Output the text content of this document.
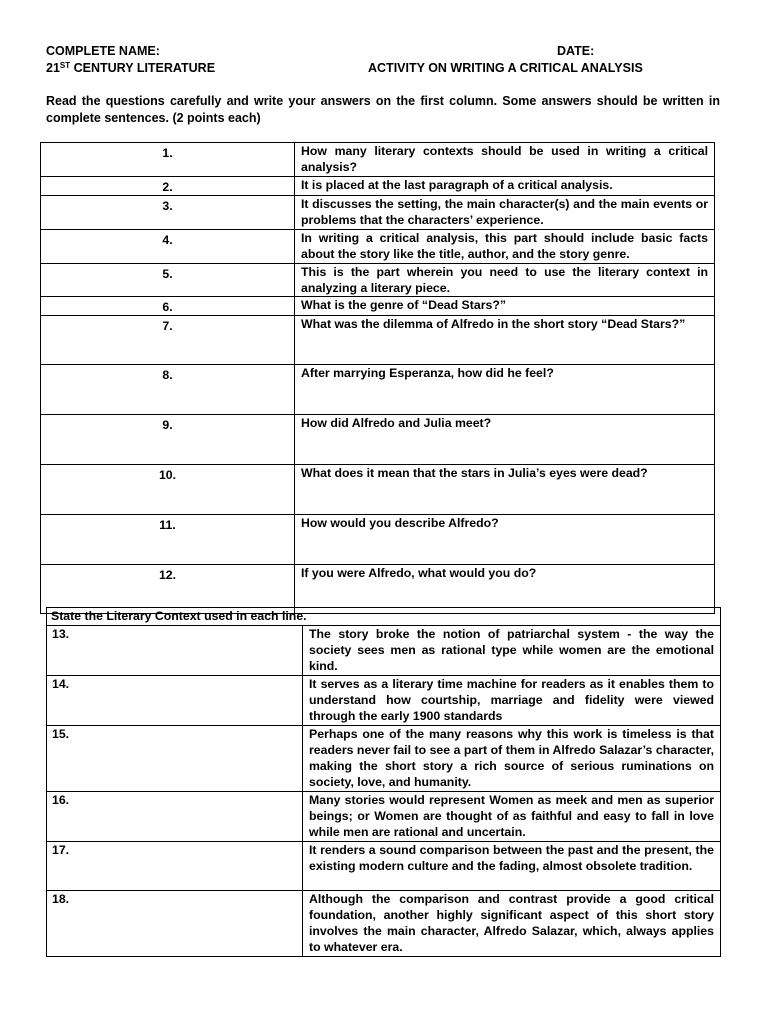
COMPLETE NAME:	DATE:
21ST CENTURY LITERATURE	ACTIVITY ON WRITING A CRITICAL ANALYSIS
Read the questions carefully and write your answers on the first column. Some answers should be written in complete sentences. (2 points each)
1.	How many literary contexts should be used in writing a critical analysis?
2.	It is placed at the last paragraph of a critical analysis.
3.	It discusses the setting, the main character(s) and the main events or problems that the characters’ experience.
4.	In writing a critical analysis, this part should include basic facts about the story like the title, author, and the story genre.
5.	This is the part wherein you need to use the literary context in analyzing a literary piece.
6.	What is the genre of “Dead Stars?”
7.	What was the dilemma of Alfredo in the short story “Dead Stars?”
8.	After marrying Esperanza, how did he feel?
9.	How did Alfredo and Julia meet?
10.	What does it mean that the stars in Julia’s eyes were dead?
11.	How would you describe Alfredo?
12.	If you were Alfredo, what would you do?
State the Literary Context used in each line.	
13.	The story broke the notion of patriarchal system - the way the society sees men as rational type while women are the emotional kind.
14.	It serves as a literary time machine for readers as it enables them to understand how courtship, marriage and fidelity were viewed through the early 1900 standards
15.	Perhaps one of the many reasons why this work is timeless is that readers never fail to see a part of them in Alfredo Salazar’s character, making the short story a rich source of serious ruminations on society, love, and humanity.
16.	Many stories would represent Women as meek and men as superior beings; or Women are thought of as faithful and easy to fall in love while men are rational and uncertain.
17.	It renders a sound comparison between the past and the present, the existing modern culture and the fading, almost obsolete tradition.
18.	Although the comparison and contrast provide a good critical foundation, another highly significant aspect of this short story involves the main character, Alfredo Salazar, which, always applies to whatever era.
